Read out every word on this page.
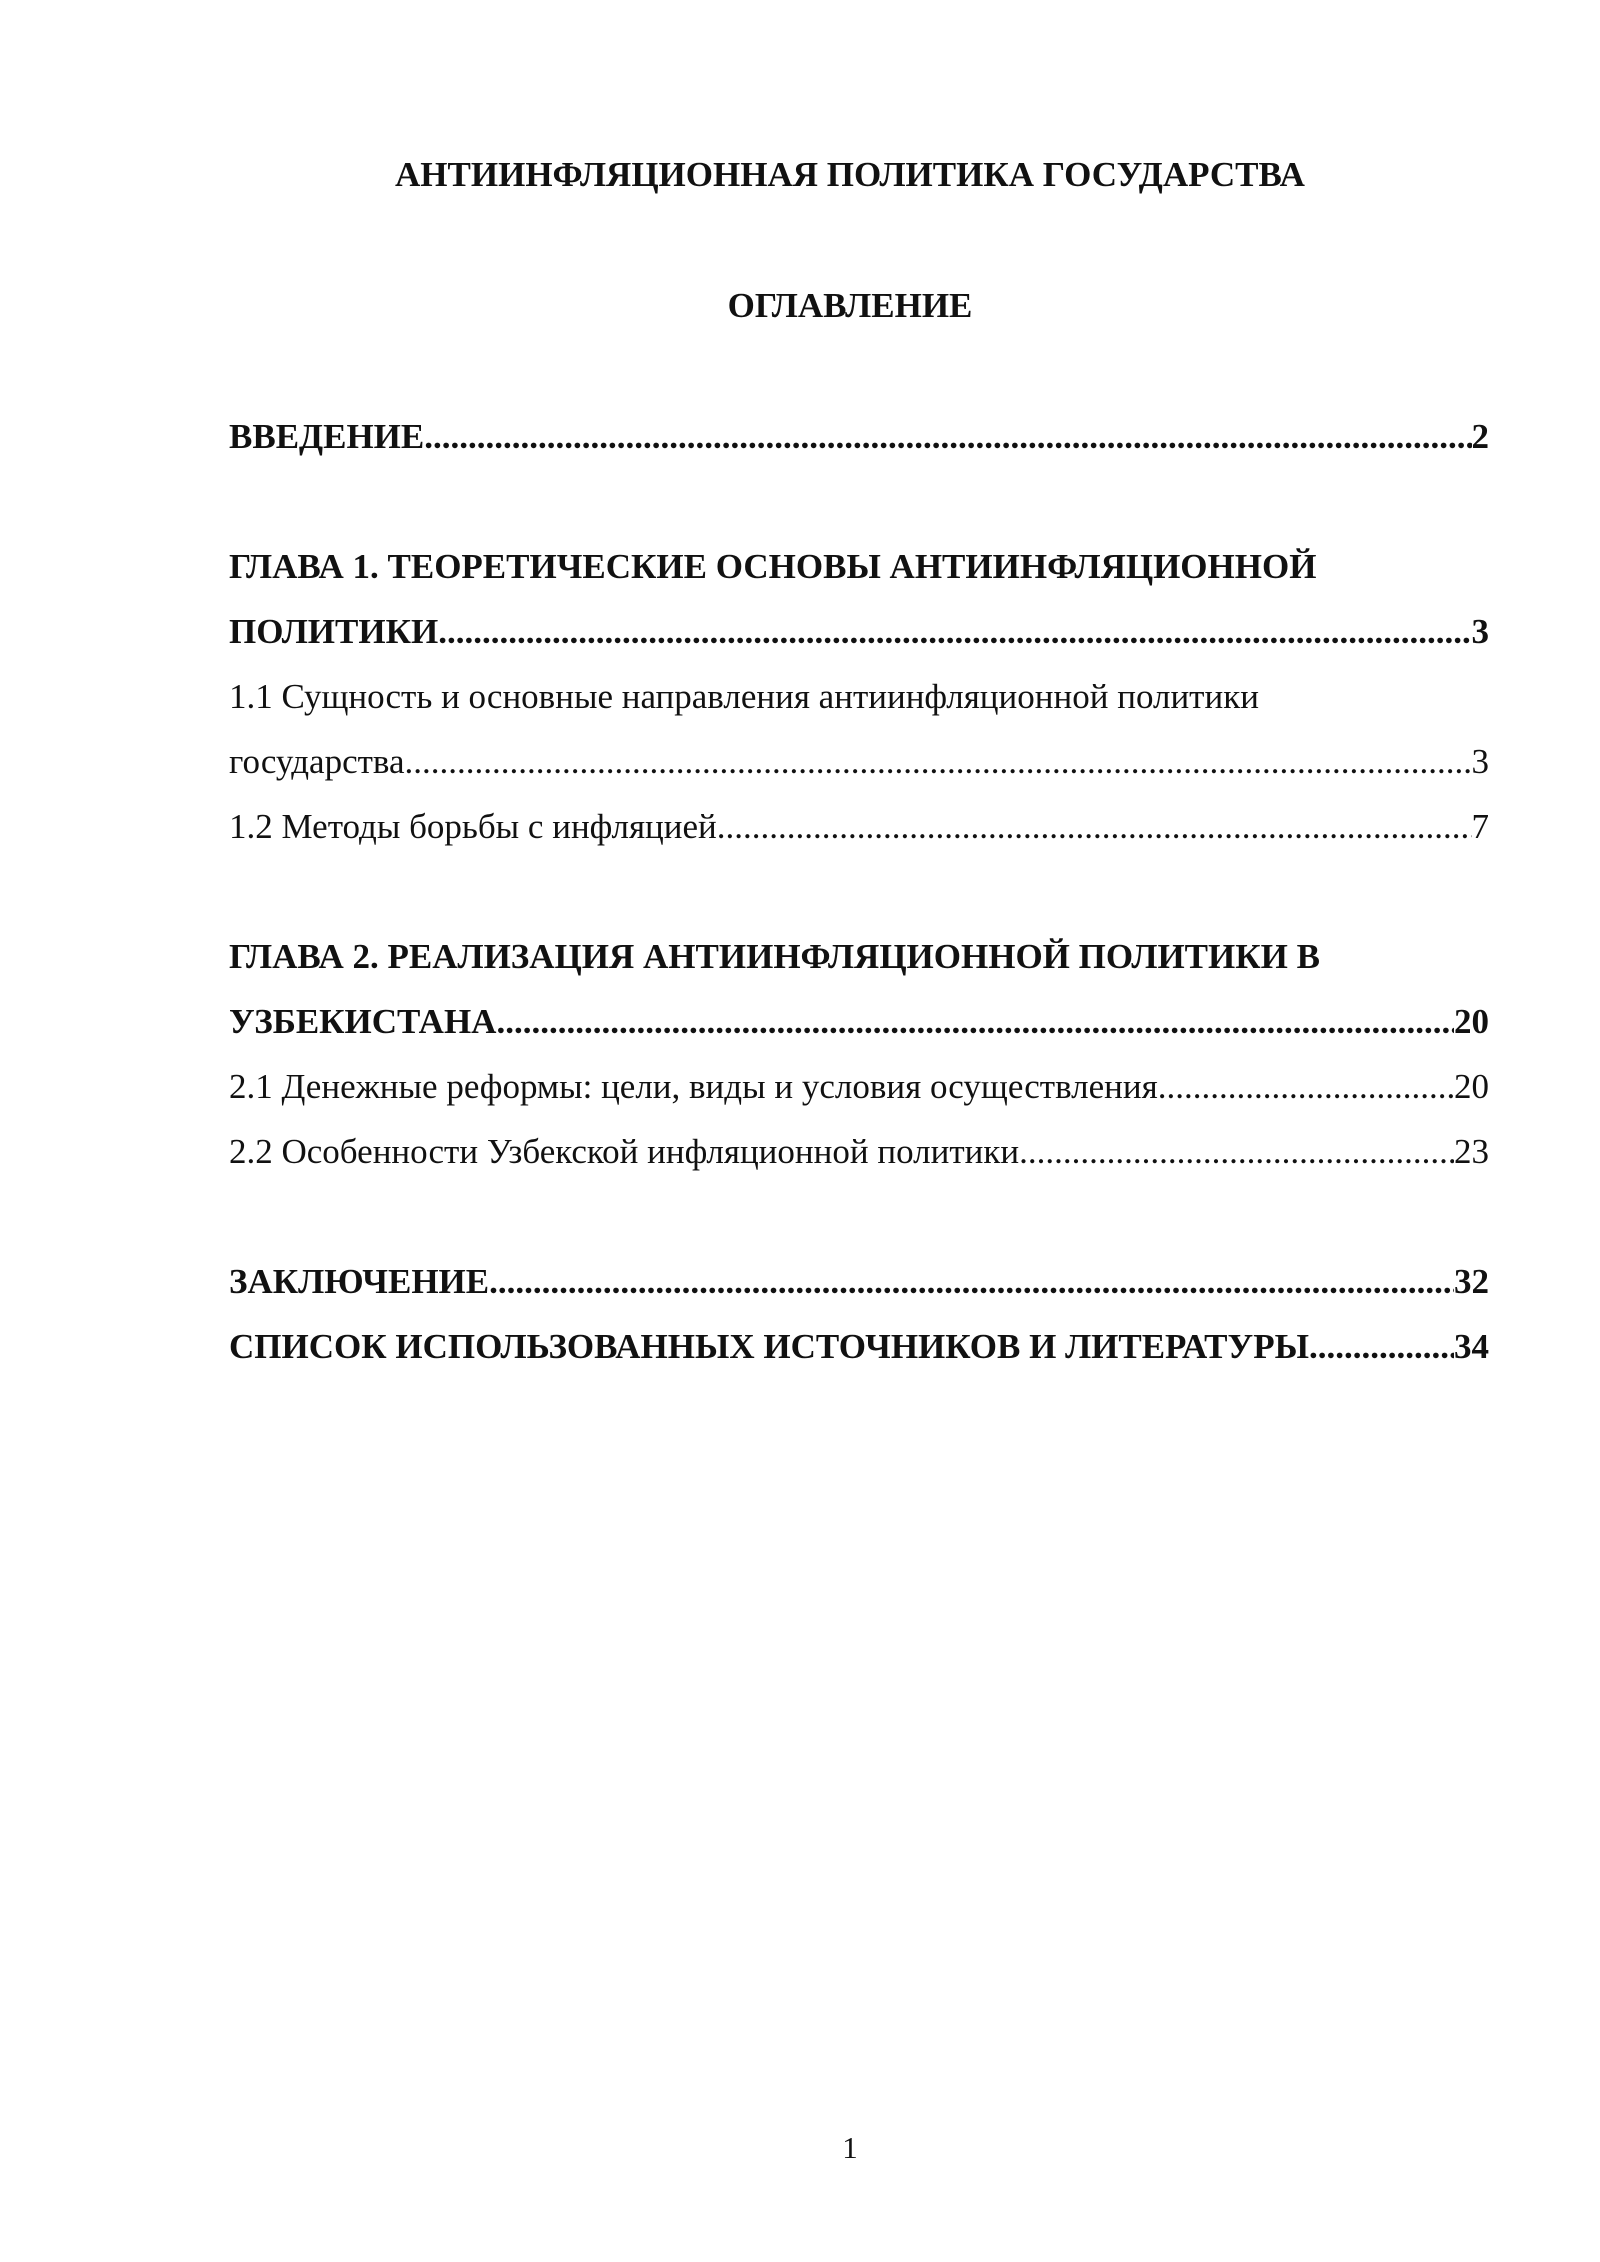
АНТИИНФЛЯЦИОННАЯ ПОЛИТИКА ГОСУДАРСТВА
ОГЛАВЛЕНИЕ
ВВЕДЕНИЕ .....	2
ГЛАВА 1. ТЕОРЕТИЧЕСКИЕ ОСНОВЫ АНТИИНФЛЯЦИОННОЙ
ПОЛИТИКИ .....	3
1.1 Сущность и основные направления антиинфляционной политики
государства .....	3
1.2 Методы борьбы с инфляцией .....	7
ГЛАВА 2. РЕАЛИЗАЦИЯ АНТИИНФЛЯЦИОННОЙ ПОЛИТИКИ В
УЗБЕКИСТАНА .....	20
2.1 Денежные реформы: цели, виды и условия осуществления .....	20
2.2 Особенности Узбекской инфляционной политики .....	23
ЗАКЛЮЧЕНИЕ .....	32
СПИСОК ИСПОЛЬЗОВАННЫХ ИСТОЧНИКОВ И ЛИТЕРАТУРЫ .....	34
1
